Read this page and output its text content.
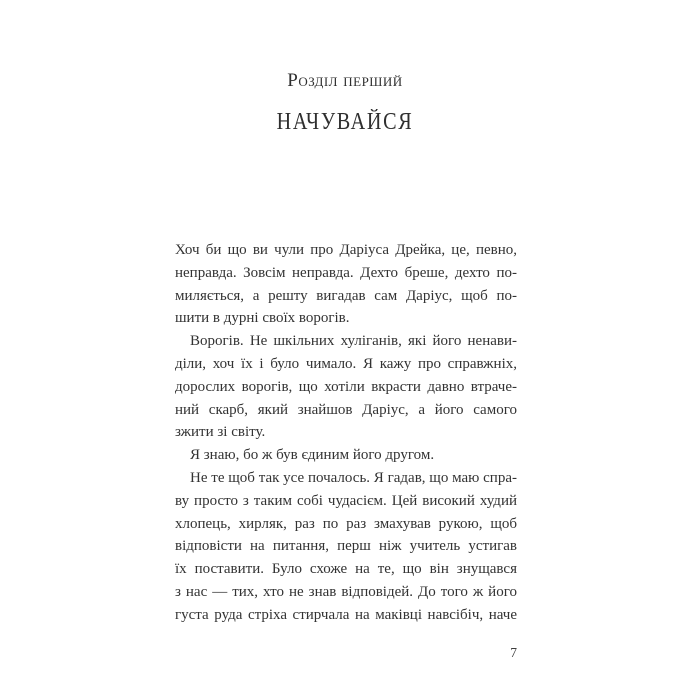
Розділ перший
НАЧУВАЙСЯ
Хоч би що ви чули про Даріуса Дрейка, це, певно,
неправда. Зовсім неправда. Дехто бреше, дехто по-
миляється, а решту вигадав сам Даріус, щоб по-
шити в дурні своїх ворогів.
Ворогів. Не шкільних хуліганів, які його ненави-
діли, хоч їх і було чимало. Я кажу про справжніх,
дорослих ворогів, що хотіли вкрасти давно втраче-
ний скарб, який знайшов Даріус, а його самого
зжити зі світу.
Я знаю, бо ж був єдиним його другом.
Не те щоб так усе почалось. Я гадав, що маю спра-
ву просто з таким собі чудасієм. Цей високий худий
хлопець, хирляк, раз по раз змахував рукою, щоб
відповісти на питання, перш ніж учитель устигав
їх поставити. Було схоже на те, що він знущався
з нас — тих, хто не знав відповідей. До того ж його
густа руда стріха стирчала на маківці навсібіч, наче
7
